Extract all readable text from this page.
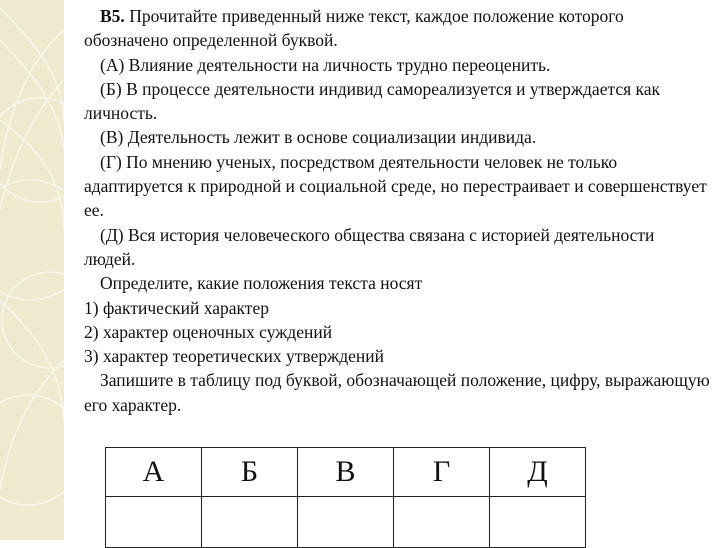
В5. Прочитайте приведенный ниже текст, каждое положение которого обозначено определенной буквой.

(А) Влияние деятельности на личность трудно переоценить.

(Б) В процессе деятельности индивид самореализуется и утверждается как личность.

(В) Деятельность лежит в основе социализации индивида.

(Г) По мнению ученых, посредством деятельности человек не только адаптируется к природной и социальной среде, но перестраивает и совершенствует ее.

(Д) Вся история человеческого общества связана с историей деятельности людей.

Определите, какие положения текста носят

1) фактический характер

2) характер оценочных суждений

3) характер теоретических утверждений

Запишите в таблицу под буквой, обозначающей положение, цифру, выражающую его характер.

А	Б	В	Г	Д
